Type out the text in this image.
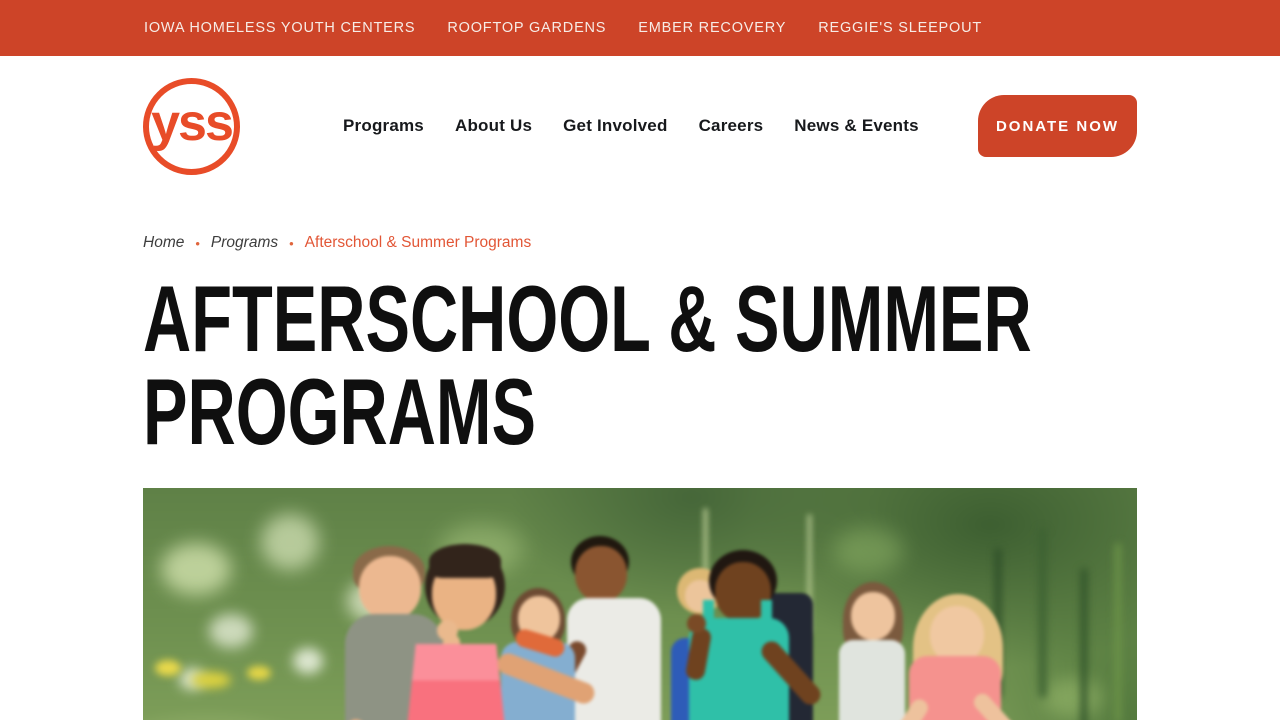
IOWA HOMELESS YOUTH CENTERS ROOFTOP GARDENS EMBER RECOVERY REGGIE'S SLEEPOUT
yss	Programs About Us Get Involved Careers News & Events	DONATE NOW
Home • Programs • Afterschool & Summer Programs
AFTERSCHOOL & SUMMER PROGRAMS
